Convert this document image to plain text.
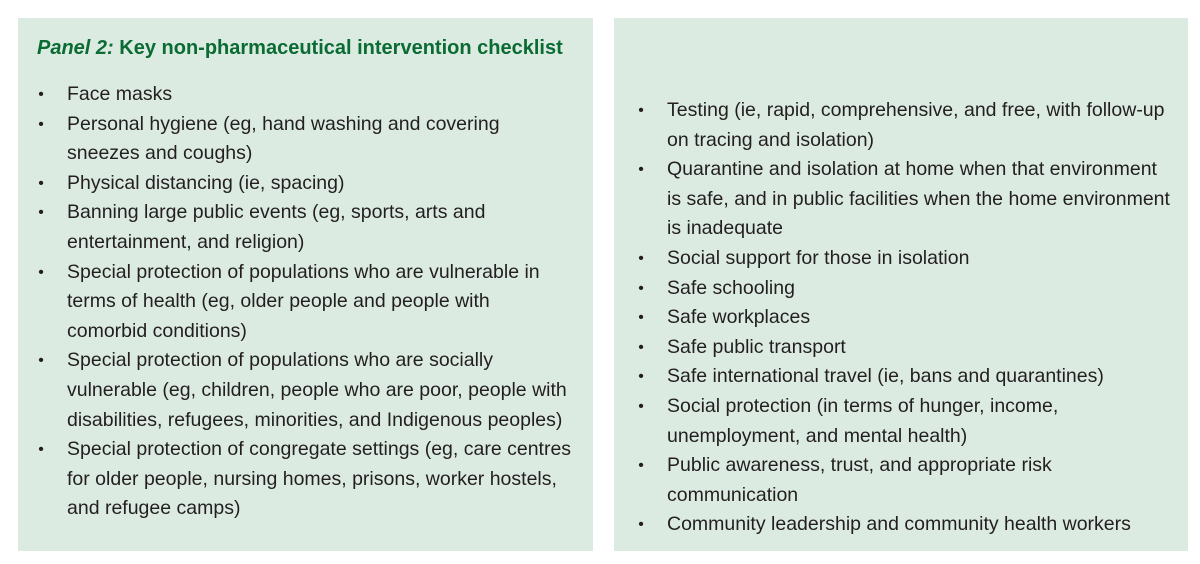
Panel 2: Key non-pharmaceutical intervention checklist
• Face masks
• Personal hygiene (eg, hand washing and covering sneezes and coughs)
• Physical distancing (ie, spacing)
• Banning large public events (eg, sports, arts and entertainment, and religion)
• Special protection of populations who are vulnerable in terms of health (eg, older people and people with comorbid conditions)
• Special protection of populations who are socially vulnerable (eg, children, people who are poor, people with disabilities, refugees, minorities, and Indigenous peoples)
• Special protection of congregate settings (eg, care centres for older people, nursing homes, prisons, worker hostels, and refugee camps)
• Testing (ie, rapid, comprehensive, and free, with follow-up on tracing and isolation)
• Quarantine and isolation at home when that environment is safe, and in public facilities when the home environment is inadequate
• Social support for those in isolation
• Safe schooling
• Safe workplaces
• Safe public transport
• Safe international travel (ie, bans and quarantines)
• Social protection (in terms of hunger, income, unemployment, and mental health)
• Public awareness, trust, and appropriate risk communication
• Community leadership and community health workers
